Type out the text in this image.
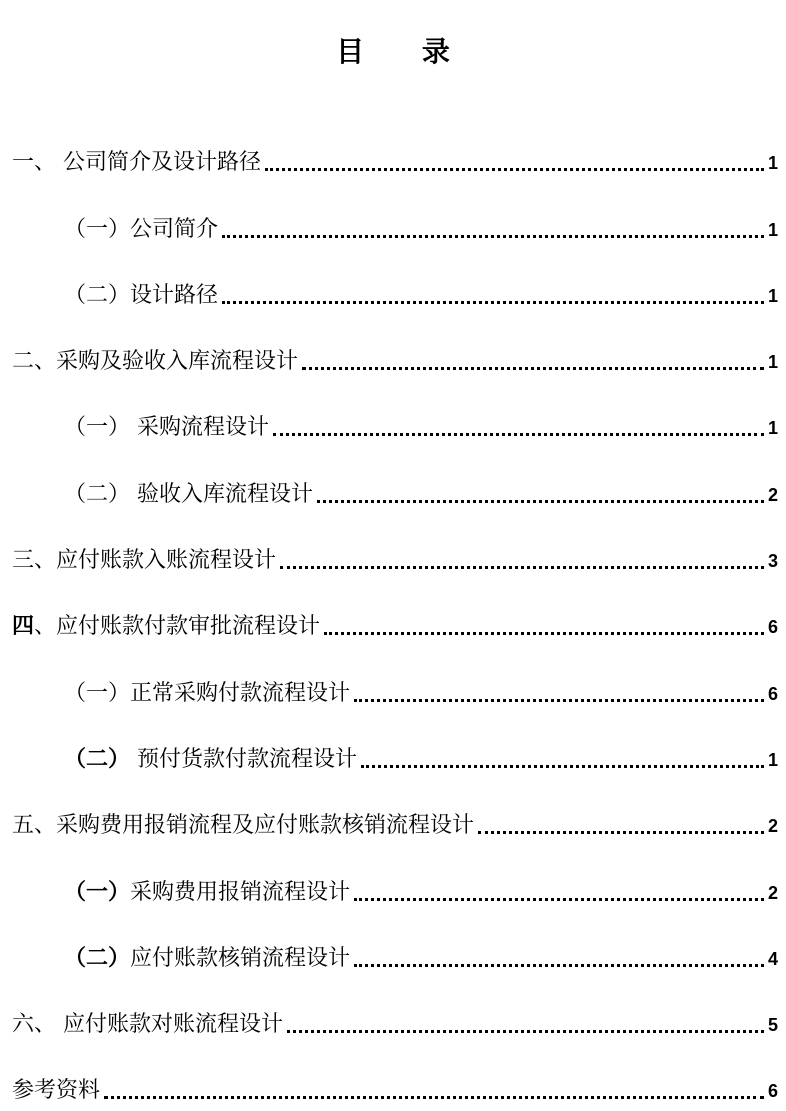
目 录
一、 公司简介及设计路径	1
（一）公司简介	1
（二）设计路径	1
二、采购及验收入库流程设计	1
（一） 采购流程设计	1
（二） 验收入库流程设计	2
三、应付账款入账流程设计	3
四、应付账款付款审批流程设计	6
（一）正常采购付款流程设计	6
（二） 预付货款付款流程设计	1
五、采购费用报销流程及应付账款核销流程设计	2
（一）采购费用报销流程设计	2
（二）应付账款核销流程设计	4
六、 应付账款对账流程设计	5
参考资料	6
